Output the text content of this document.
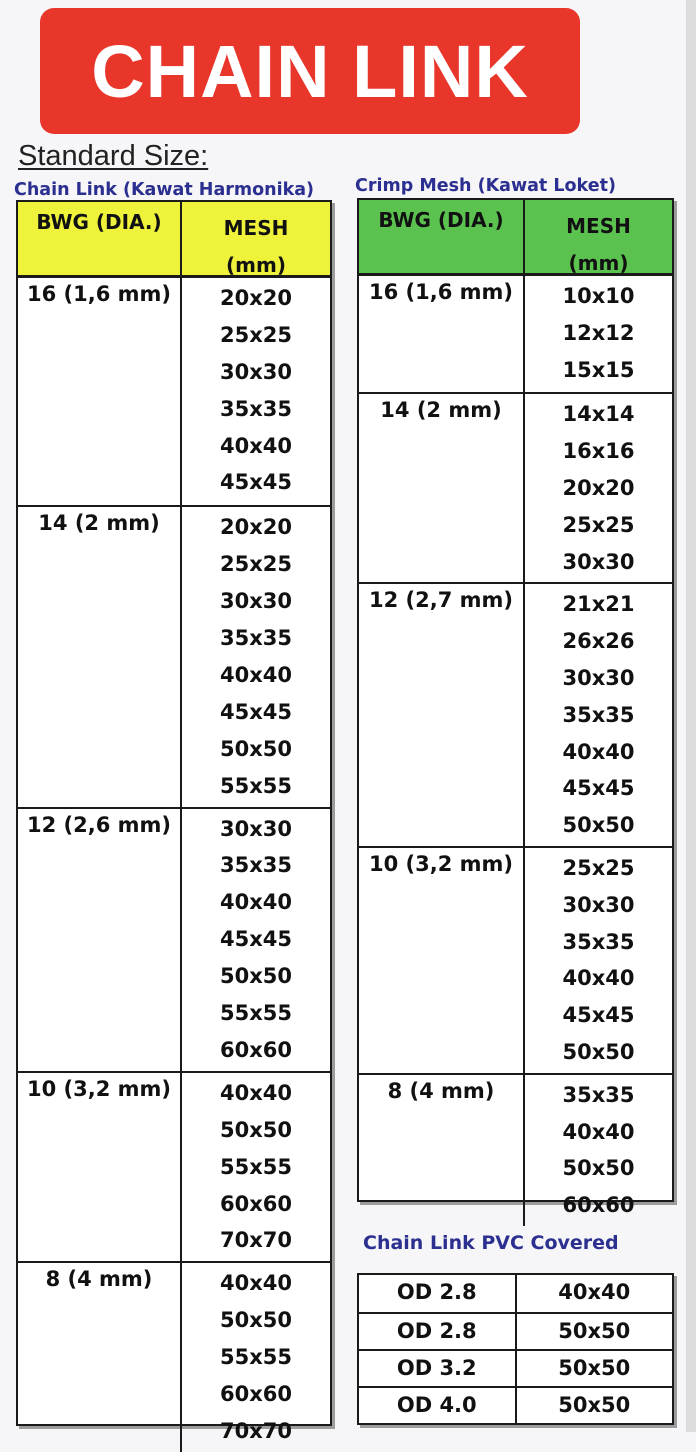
CHAIN LINK
Standard Size:
Chain Link (Kawat Harmonika) Crimp Mesh (Kawat Loket)
BWG (DIA.)	MESH
(mm)
16 (1,6 mm)	20x20
25x25
30x30
35x35
40x40
45x45
14 (2 mm)	20x20
25x25
30x30
35x35
40x40
45x45
50x50
55x55
12 (2,6 mm)	30x30
35x35
40x40
45x45
50x50
55x55
60x60
10 (3,2 mm)	40x40
50x50
55x55
60x60
70x70
8 (4 mm)	40x40
50x50
55x55
60x60
70x70
BWG (DIA.)	MESH
(mm)
16 (1,6 mm)	10x10
12x12
15x15
14 (2 mm)	14x14
16x16
20x20
25x25
30x30
12 (2,7 mm)	21x21
26x26
30x30
35x35
40x40
45x45
50x50
10 (3,2 mm)	25x25
30x30
35x35
40x40
45x45
50x50
8 (4 mm)	35x35
40x40
50x50
60x60
Chain Link PVC Covered
OD 2.8	40x40
OD 2.8	50x50
OD 3.2	50x50
OD 4.0	50x50
